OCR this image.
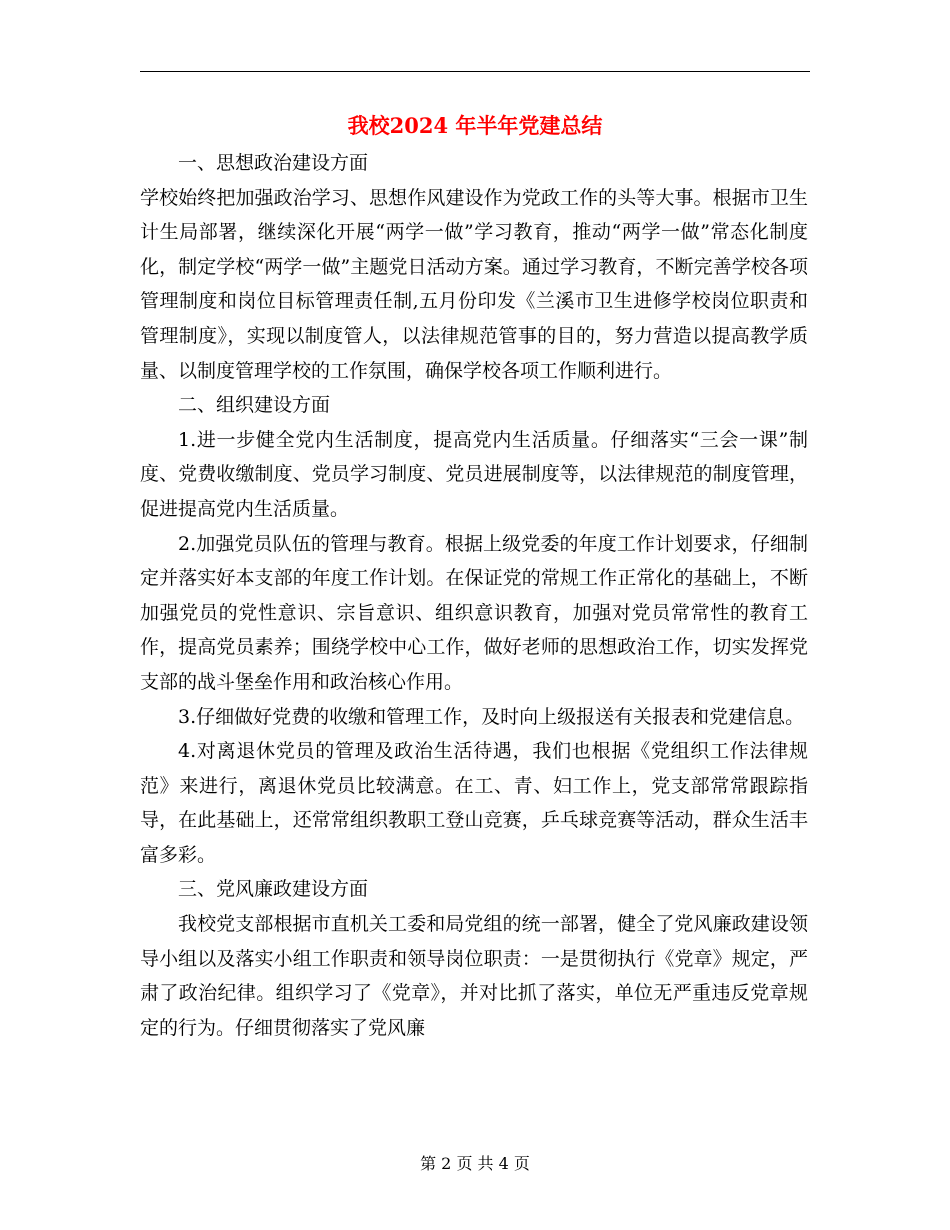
我校2024 年半年党建总结

一、思想政治建设方面

学校始终把加强政治学习、思想作风建设作为党政工作的头等大事。根据市卫生计生局部署，继续深化开展“两学一做”学习教育，推动“两学一做”常态化制度化，制定学校“两学一做”主题党日活动方案。通过学习教育，不断完善学校各项管理制度和岗位目标管理责任制,五月份印发《兰溪市卫生进修学校岗位职责和管理制度》，实现以制度管人，以法律规范管事的目的，努力营造以提高教学质量、以制度管理学校的工作氛围，确保学校各项工作顺利进行。

二、组织建设方面

1.进一步健全党内生活制度，提高党内生活质量。仔细落实“三会一课”制度、党费收缴制度、党员学习制度、党员进展制度等，以法律规范的制度管理，促进提高党内生活质量。

2.加强党员队伍的管理与教育。根据上级党委的年度工作计划要求，仔细制定并落实好本支部的年度工作计划。在保证党的常规工作正常化的基础上，不断加强党员的党性意识、宗旨意识、组织意识教育，加强对党员常常性的教育工作，提高党员素养；围绕学校中心工作，做好老师的思想政治工作，切实发挥党支部的战斗堡垒作用和政治核心作用。

3.仔细做好党费的收缴和管理工作，及时向上级报送有关报表和党建信息。

4.对离退休党员的管理及政治生活待遇，我们也根据《党组织工作法律规范》来进行，离退休党员比较满意。在工、青、妇工作上，党支部常常跟踪指导，在此基础上，还常常组织教职工登山竞赛，乒乓球竞赛等活动，群众生活丰富多彩。

三、党风廉政建设方面

我校党支部根据市直机关工委和局党组的统一部署，健全了党风廉政建设领导小组以及落实小组工作职责和领导岗位职责：一是贯彻执行《党章》规定，严肃了政治纪律。组织学习了《党章》，并对比抓了落实，单位无严重违反党章规定的行为。仔细贯彻落实了党风廉

第 2 页 共 4 页
